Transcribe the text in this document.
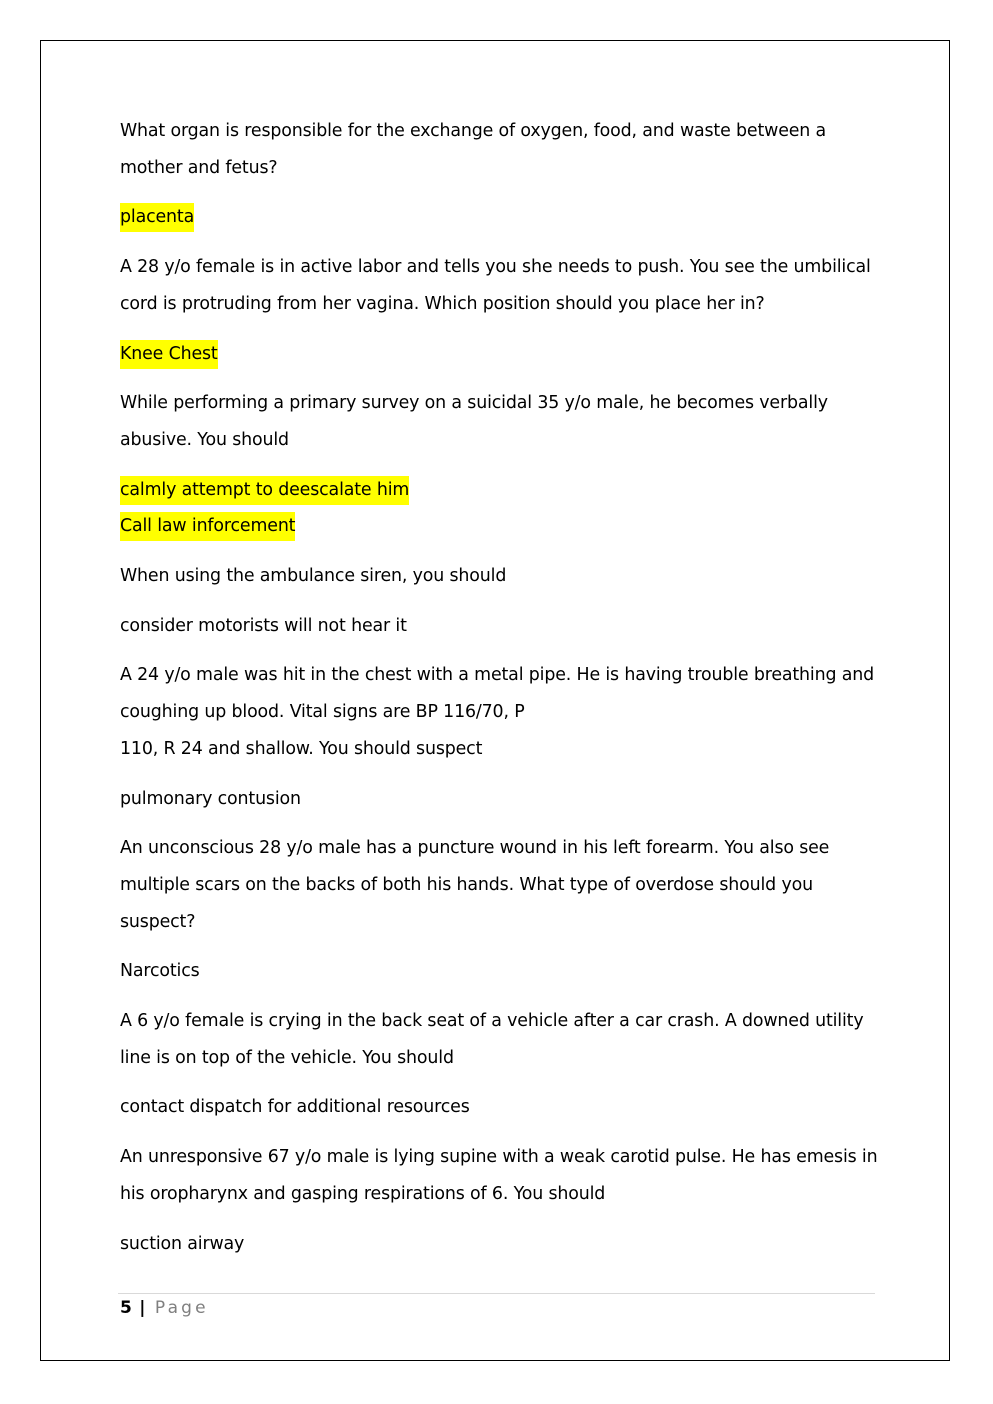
What organ is responsible for the exchange of oxygen, food, and waste between a mother and fetus?

placenta

A 28 y/o female is in active labor and tells you she needs to push. You see the umbilical cord is protruding from her vagina. Which position should you place her in?

Knee Chest

While performing a primary survey on a suicidal 35 y/o male, he becomes verbally abusive. You should

calmly attempt to deescalate him
Call law inforcement

When using the ambulance siren, you should

consider motorists will not hear it
A 24 y/o male was hit in the chest with a metal pipe. He is having trouble breathing and coughing up blood. Vital signs are BP 116/70, P
110, R 24 and shallow. You should suspect
pulmonary contusion

An unconscious 28 y/o male has a puncture wound in his left forearm. You also see multiple scars on the backs of both his hands. What type of overdose should you suspect?

Narcotics

A 6 y/o female is crying in the back seat of a vehicle after a car crash. A downed utility line is on top of the vehicle. You should

contact dispatch for additional resources

An unresponsive 67 y/o male is lying supine with a weak carotid pulse. He has emesis in his oropharynx and gasping respirations of 6. You should

suction airway
5 | Page
